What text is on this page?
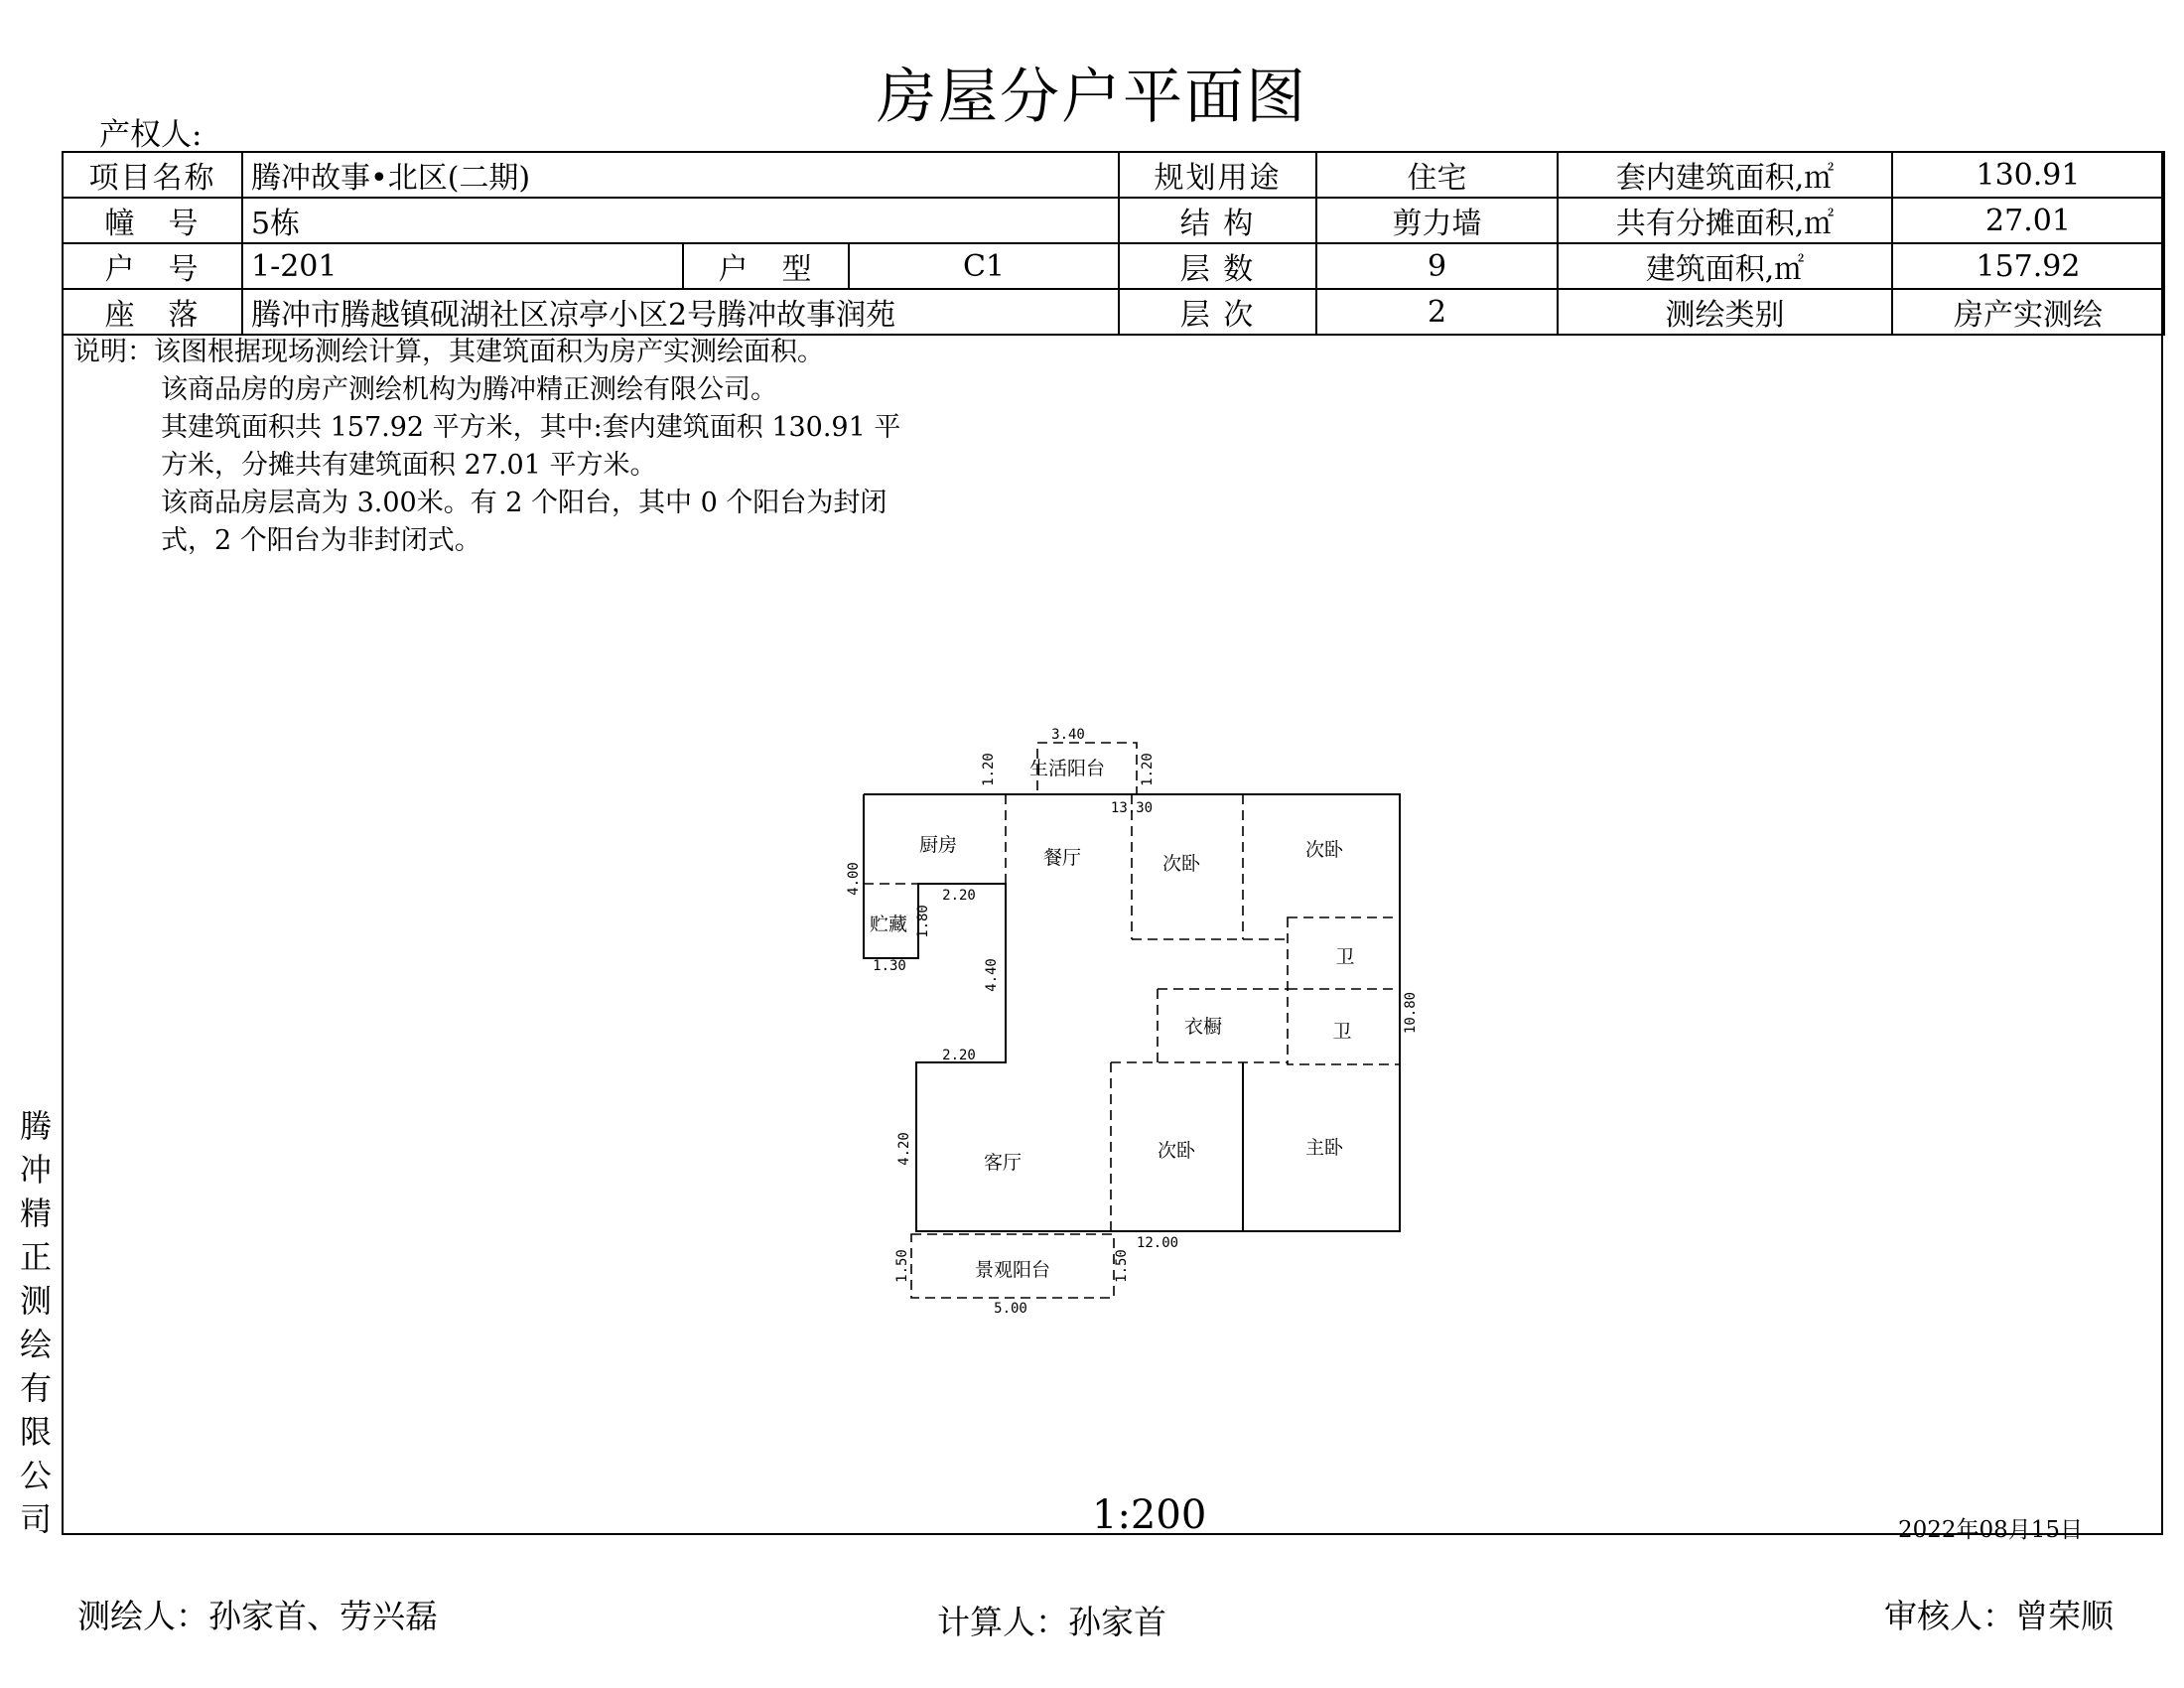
房屋分户平面图
产权人:
项目名称	腾冲故事•北区(二期)			规划用途	住宅	套内建筑面积,㎡	130.91
幢　号	5栋			结 构	剪力墙	共有分摊面积,㎡	27.01
户　号	1-201	户　型	C1	层 数	9	建筑面积,㎡	157.92
座　落	腾冲市腾越镇砚湖社区凉亭小区2号腾冲故事润苑			层 次	2	测绘类别	房产实测绘
说明：该图根据现场测绘计算，其建筑面积为房产实测绘面积。
该商品房的房产测绘机构为腾冲精正测绘有限公司。
其建筑面积共 157.92 平方米，其中:套内建筑面积 130.91 平
方米，分摊共有建筑面积 27.01 平方米。
该商品房层高为 3.00米。有 2 个阳台，其中 0 个阳台为封闭
式，2 个阳台为非封闭式。
腾冲精正测绘有限公司
生活阳台
厨房
餐厅	次卧
次卧
贮藏
卫
衣橱	卫
客厅
次卧	主卧
景观阳台
3.40
13.30
2.20
1.30
2.20
12.00
5.00
1.20	1.20
4.00
1.80
4.40
10.80
4.20
1.50	1.50
1:200	2022年08月15日
测绘人：孙家首、劳兴磊	计算人：孙家首	审核人：曾荣顺
